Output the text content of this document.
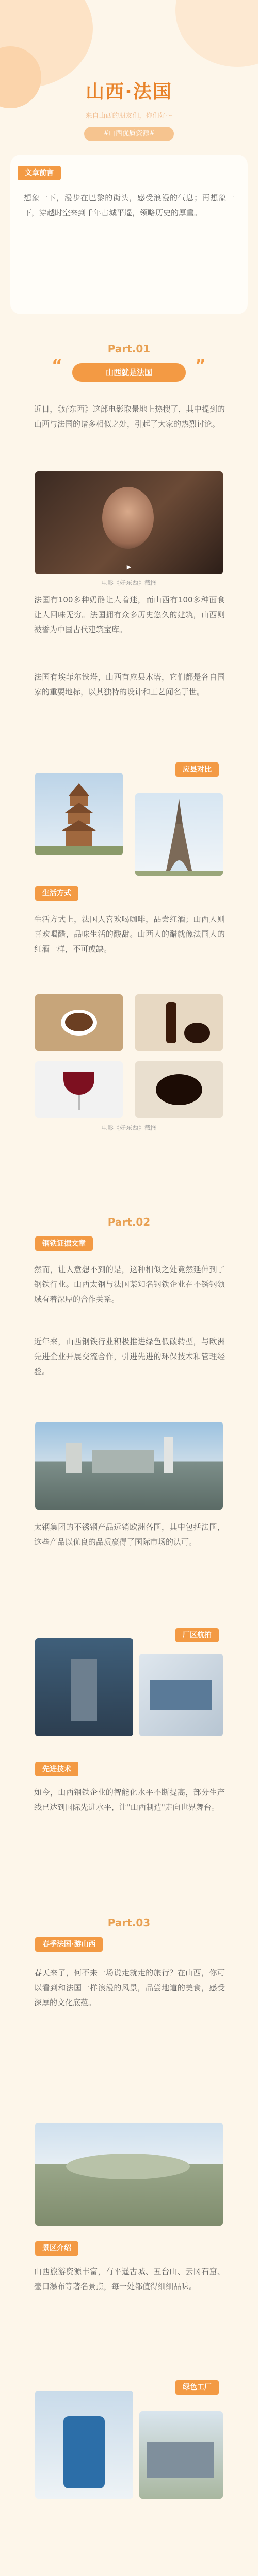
山西·法国
来自山西的朋友们，你们好～
#山西优质资源#
文章前言
想象一下，漫步在巴黎的街头，感受浪漫的气息；再想象一下，穿越时空来到千年古城平遥，领略历史的厚重。
Part.01
“	山西就是法国	”
近日，《好东西》这部电影取景地上热搜了，其中提到的山西与法国的诸多相似之处，引起了大家的热烈讨论。
▶
电影《好东西》截图
法国有100多种奶酪让人着迷，而山西有100多种面食让人回味无穷。法国拥有众多历史悠久的建筑，山西则被誉为中国古代建筑宝库。
法国有埃菲尔铁塔，山西有应县木塔，它们都是各自国家的重要地标，以其独特的设计和工艺闻名于世。
应县对比
生活方式
生活方式上，法国人喜欢喝咖啡，品尝红酒；山西人则喜欢喝醋，品味生活的酸甜。山西人的醋就像法国人的红酒一样，不可或缺。
电影《好东西》截图
Part.02
钢铁证据文章
然而，让人意想不到的是，这种相似之处竟然延伸到了钢铁行业。山西太钢与法国某知名钢铁企业在不锈钢领域有着深厚的合作关系。
近年来，山西钢铁行业积极推进绿色低碳转型，与欧洲先进企业开展交流合作，引进先进的环保技术和管理经验。
太钢集团的不锈钢产品远销欧洲各国，其中包括法国，这些产品以优良的品质赢得了国际市场的认可。
厂区航拍
先进技术
如今，山西钢铁企业的智能化水平不断提高，部分生产线已达到国际先进水平，让"山西制造"走向世界舞台。
Part.03
春季法国·游山西
春天来了，何不来一场说走就走的旅行？在山西，你可以看到和法国一样浪漫的风景，品尝地道的美食，感受深厚的文化底蕴。
景区介绍
山西旅游资源丰富，有平遥古城、五台山、云冈石窟、壶口瀑布等著名景点，每一处都值得细细品味。
绿色工厂
